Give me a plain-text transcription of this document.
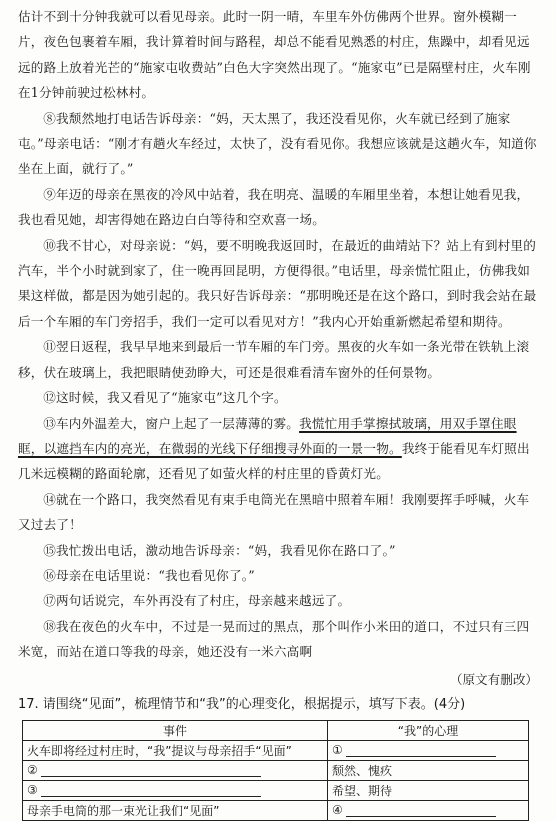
估计不到十分钟我就可以看见母亲。此时一阴一晴，车里车外仿佛两个世界。窗外模糊一片，夜色包裹着车厢，我计算着时间与路程，却总不能看见熟悉的村庄，焦躁中，却看见远远的路上放着光芒的“施家屯收费站”白色大字突然出现了。“施家屯”已是隔壁村庄，火车刚在1分钟前驶过松林村。

⑧我颓然地打电话告诉母亲：“妈，天太黑了，我还没看见你，火车就已经到了施家屯。”母亲电话：“刚才有趟火车经过，太快了，没有看见你。我想应该就是这趟火车，知道你坐在上面，就行了。”

⑨年迈的母亲在黑夜的冷风中站着，我在明亮、温暖的车厢里坐着，本想让她看见我，我也看见她，却害得她在路边白白等待和空欢喜一场。

⑩我不甘心，对母亲说：“妈，要不明晚我返回时，在最近的曲靖站下？站上有到村里的汽车，半个小时就到家了，住一晚再回昆明，方便得很。”电话里，母亲慌忙阻止，仿佛我如果这样做，都是因为她引起的。我只好告诉母亲：“那明晚还是在这个路口，到时我会站在最后一个车厢的车门旁招手，我们一定可以看见对方！”我内心开始重新燃起希望和期待。

⑪翌日返程，我早早地来到最后一节车厢的车门旁。黑夜的火车如一条光带在铁轨上滚移，伏在玻璃上，我把眼睛使劲睁大，可还是很难看清车窗外的任何景物。

⑫这时候，我又看见了“施家屯”这几个字。

⑬车内外温差大，窗户上起了一层薄薄的雾。我慌忙用手掌擦拭玻璃，用双手罩住眼眶，以遮挡车内的亮光，在微弱的光线下仔细搜寻外面的一景一物。我终于能看见车灯照出几米远模糊的路面轮廓，还看见了如萤火样的村庄里的昏黄灯光。

⑭就在一个路口，我突然看见有束手电筒光在黑暗中照着车厢！我刚要挥手呼喊，火车又过去了！

⑮我忙拨出电话，激动地告诉母亲：“妈，我看见你在路口了。”

⑯母亲在电话里说：“我也看见你了。”

⑰两句话说完，车外再没有了村庄，母亲越来越远了。

⑱我在夜色的火车中，不过是一晃而过的黑点，那个叫作小米田的道口，不过只有三四米宽，而站在道口等我的母亲，她还没有一米六高啊

（原文有删改）
17. 请围绕“见面”，梳理情节和“我”的心理变化，根据提示，填写下表。(4分)
事件	“我”的心理
火车即将经过村庄时，“我”提议与母亲招手“见面”	①
②	颓然、愧疚
③	希望、期待
母亲手电筒的那一束光让我们“见面”	④
